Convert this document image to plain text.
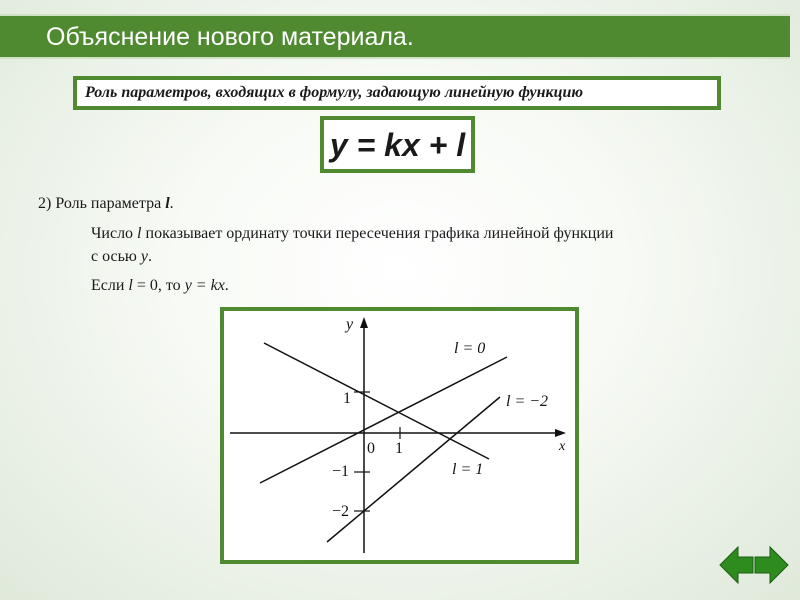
Объяснение нового материала.
Роль параметров, входящих в формулу, задающую линейную функцию
y = kx + l
2) Роль параметра l.
Число l показывает ординату точки пересечения графика линейной функции
с осью y.
Если l = 0, то y = kx.
y
x
0 1
1
−1
−2
l = 0
l = −2
l = 1
